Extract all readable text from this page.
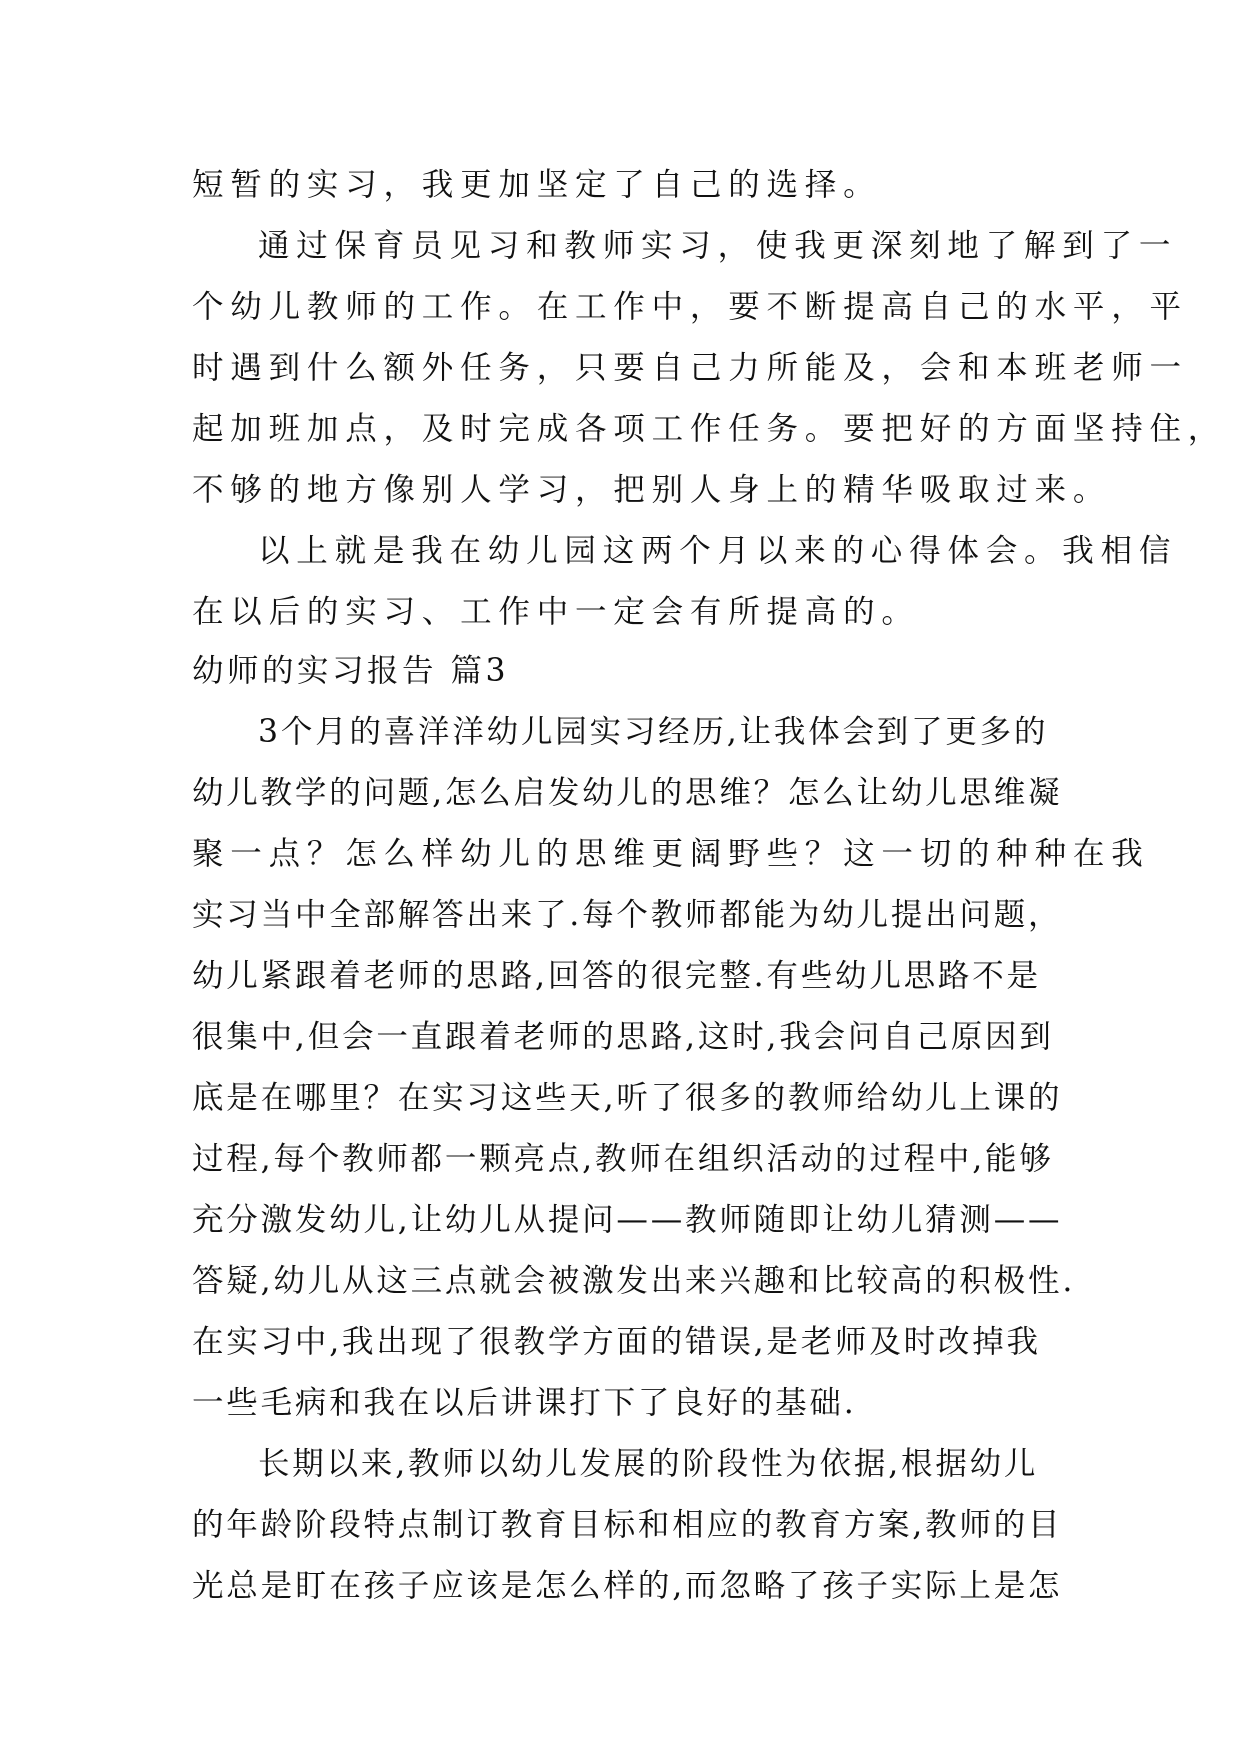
短暂的实习，我更加坚定了自己的选择。
通过保育员见习和教师实习，使我更深刻地了解到了一
个幼儿教师的工作。在工作中，要不断提高自己的水平，平
时遇到什么额外任务，只要自己力所能及，会和本班老师一
起加班加点，及时完成各项工作任务。要把好的方面坚持住，
不够的地方像别人学习，把别人身上的精华吸取过来。
以上就是我在幼儿园这两个月以来的心得体会。我相信
在以后的实习、工作中一定会有所提高的。
幼师的实习报告 篇3
3个月的喜洋洋幼儿园实习经历,让我体会到了更多的
幼儿教学的问题,怎么启发幼儿的思维？怎么让幼儿思维凝
聚一点？怎么样幼儿的思维更阔野些？这一切的种种在我
实习当中全部解答出来了.每个教师都能为幼儿提出问题，
幼儿紧跟着老师的思路,回答的很完整.有些幼儿思路不是
很集中,但会一直跟着老师的思路,这时,我会问自己原因到
底是在哪里？在实习这些天,听了很多的教师给幼儿上课的
过程,每个教师都一颗亮点,教师在组织活动的过程中,能够
充分激发幼儿,让幼儿从提问——教师随即让幼儿猜测——
答疑,幼儿从这三点就会被激发出来兴趣和比较高的积极性.
在实习中,我出现了很教学方面的错误,是老师及时改掉我
一些毛病和我在以后讲课打下了良好的基础.
长期以来,教师以幼儿发展的阶段性为依据,根据幼儿
的年龄阶段特点制订教育目标和相应的教育方案,教师的目
光总是盯在孩子应该是怎么样的,而忽略了孩子实际上是怎
